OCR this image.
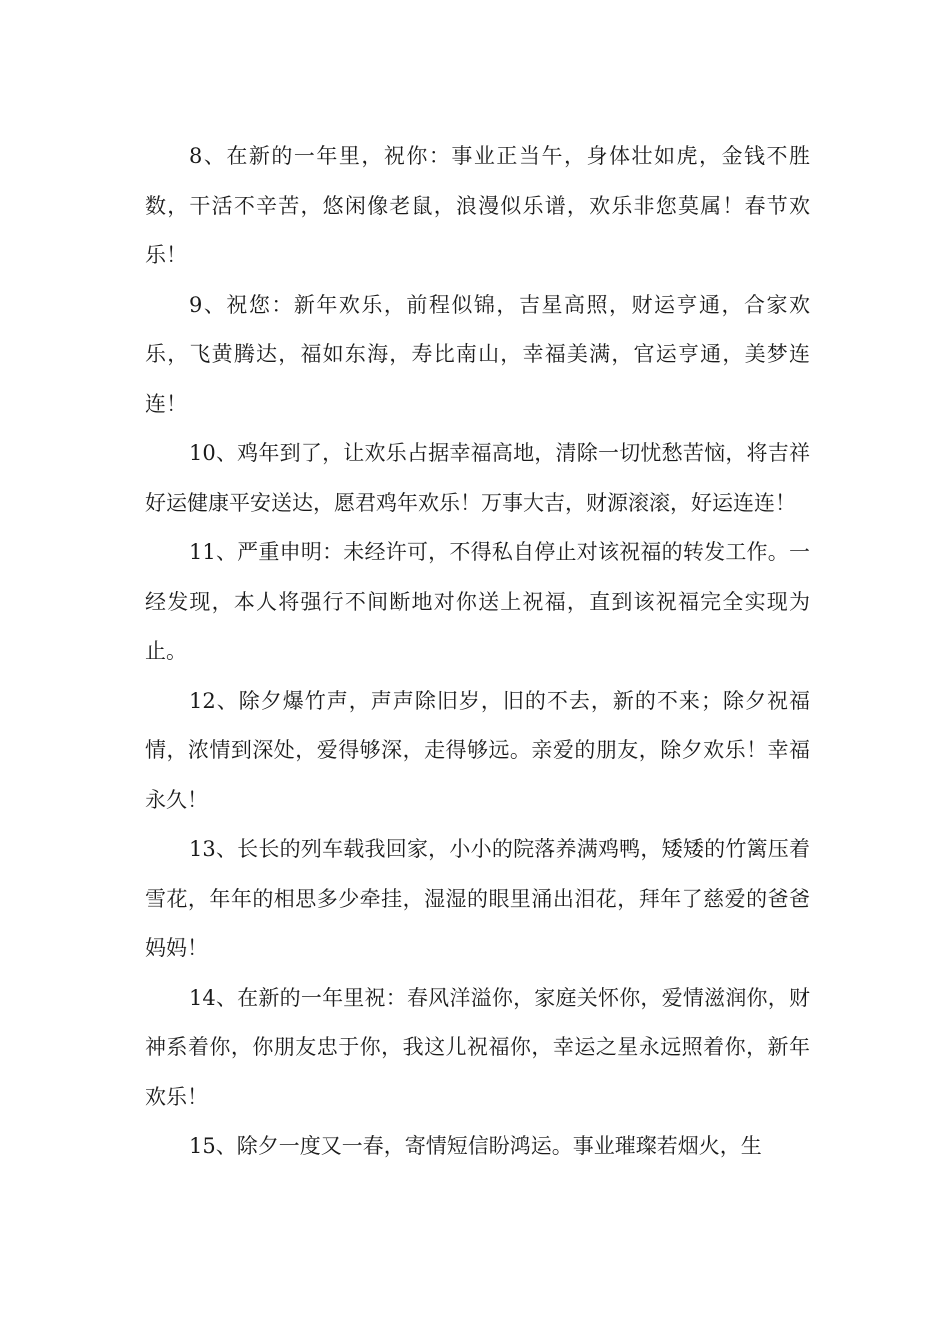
8、在新的一年里，祝你：事业正当午，身体壮如虎，金钱不胜数，干活不辛苦，悠闲像老鼠，浪漫似乐谱，欢乐非您莫属！春节欢乐！

9、祝您：新年欢乐，前程似锦，吉星高照，财运亨通，合家欢乐，飞黄腾达，福如东海，寿比南山，幸福美满，官运亨通，美梦连连！

10、鸡年到了，让欢乐占据幸福高地，清除一切忧愁苦恼，将吉祥好运健康平安送达，愿君鸡年欢乐！万事大吉，财源滚滚，好运连连！

11、严重申明：未经许可，不得私自停止对该祝福的转发工作。一经发现，本人将强行不间断地对你送上祝福，直到该祝福完全实现为止。

12、除夕爆竹声，声声除旧岁，旧的不去，新的不来；除夕祝福情，浓情到深处，爱得够深，走得够远。亲爱的朋友，除夕欢乐！幸福永久！

13、长长的列车载我回家，小小的院落养满鸡鸭，矮矮的竹篱压着雪花，年年的相思多少牵挂，湿湿的眼里涌出泪花，拜年了慈爱的爸爸妈妈！

14、在新的一年里祝：春风洋溢你，家庭关怀你，爱情滋润你，财神系着你，你朋友忠于你，我这儿祝福你，幸运之星永远照着你，新年欢乐！

15、除夕一度又一春，寄情短信盼鸿运。事业璀璨若烟火，生
